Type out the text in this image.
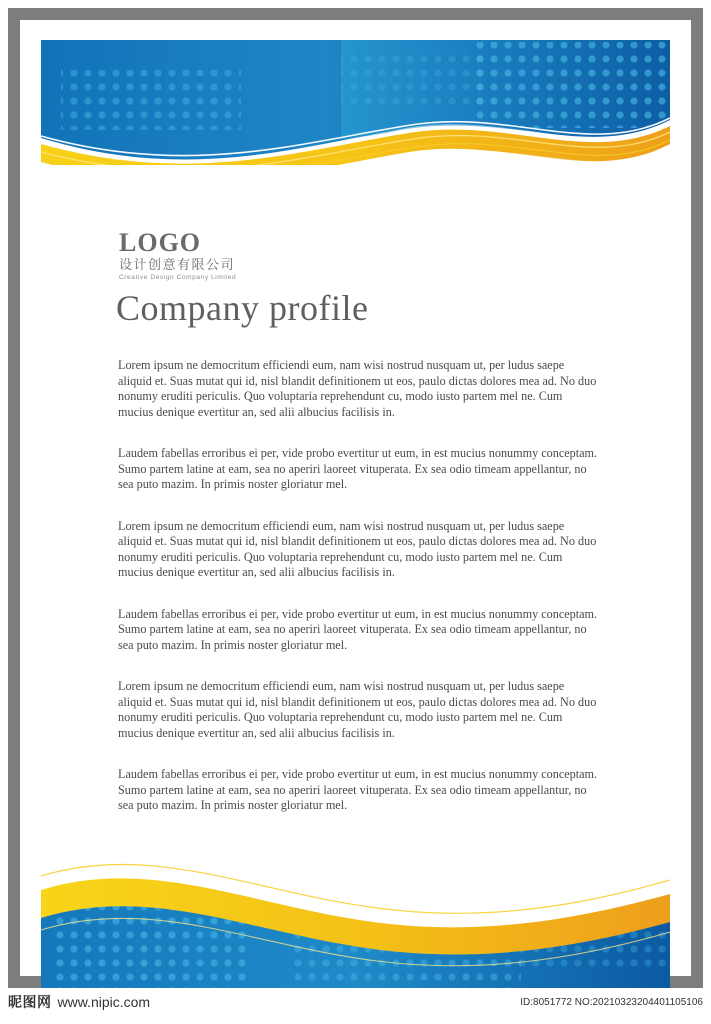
LOGO
设计创意有限公司
Creative Design Company Limited
Company profile

Lorem ipsum ne democritum efficiendi eum, nam wisi nostrud nusquam ut, per ludus saepe aliquid et. Suas mutat qui id, nisl blandit definitionem ut eos, paulo dictas dolores mea ad. No duo nonumy eruditi periculis. Quo voluptaria reprehendunt cu, modo iusto partem mel ne. Cum mucius denique evertitur an, sed alii albucius facilisis in.

Laudem fabellas erroribus ei per, vide probo evertitur ut eum, in est mucius nonummy conceptam. Sumo partem latine at eam, sea no aperiri laoreet vituperata. Ex sea odio timeam appellantur, no sea puto mazim. In primis noster gloriatur mel.

Lorem ipsum ne democritum efficiendi eum, nam wisi nostrud nusquam ut, per ludus saepe aliquid et. Suas mutat qui id, nisl blandit definitionem ut eos, paulo dictas dolores mea ad. No duo nonumy eruditi periculis. Quo voluptaria reprehendunt cu, modo iusto partem mel ne. Cum mucius denique evertitur an, sed alii albucius facilisis in.

Laudem fabellas erroribus ei per, vide probo evertitur ut eum, in est mucius nonummy conceptam. Sumo partem latine at eam, sea no aperiri laoreet vituperata. Ex sea odio timeam appellantur, no sea puto mazim. In primis noster gloriatur mel.

Lorem ipsum ne democritum efficiendi eum, nam wisi nostrud nusquam ut, per ludus saepe aliquid et. Suas mutat qui id, nisl blandit definitionem ut eos, paulo dictas dolores mea ad. No duo nonumy eruditi periculis. Quo voluptaria reprehendunt cu, modo iusto partem mel ne. Cum mucius denique evertitur an, sed alii albucius facilisis in.

Laudem fabellas erroribus ei per, vide probo evertitur ut eum, in est mucius nonummy conceptam. Sumo partem latine at eam, sea no aperiri laoreet vituperata. Ex sea odio timeam appellantur, no sea puto mazim. In primis noster gloriatur mel.

昵图网 www.nipic.com	ID:8051772 NO:20210323204401105106
